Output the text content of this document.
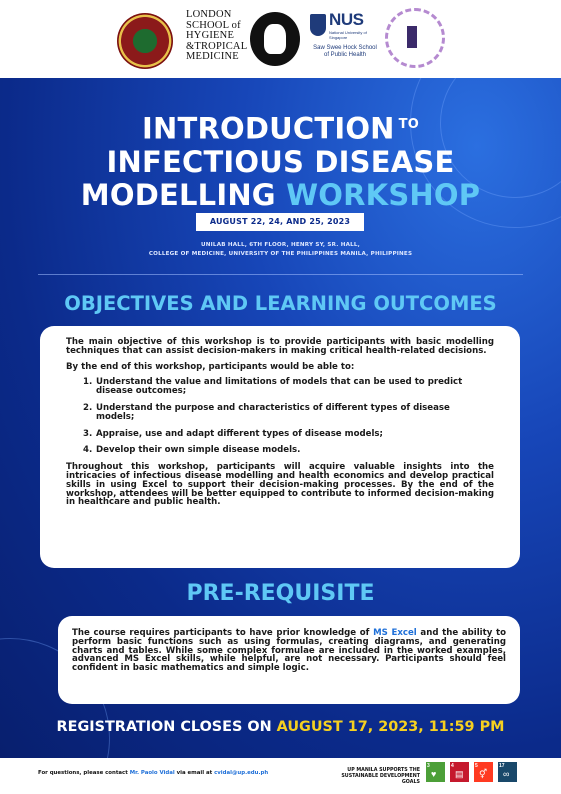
LONDON
SCHOOL of
HYGIENE
&TROPICAL
MEDICINE
NUS
National University of Singapore
Saw Swee Hock School of Public Health
INTRODUCTION $^{TO}$
INFECTIOUS DISEASE
MODELLING WORKSHOP
AUGUST 22, 24, AND 25, 2023
UNILAB HALL, 6TH FLOOR, HENRY SY, SR. HALL,
COLLEGE OF MEDICINE, UNIVERSITY OF THE PHILIPPINES MANILA, PHILIPPINES
OBJECTIVES AND LEARNING OUTCOMES

The main objective of this workshop is to provide participants with basic modelling techniques that can assist decision-makers in making critical health-related decisions.

By the end of this workshop, participants would be able to:

1. Understand the value and limitations of models that can be used to predict disease outcomes;
2. Understand the purpose and characteristics of different types of disease models;
3. Appraise, use and adapt different types of disease models;
4. Develop their own simple disease models.

Throughout this workshop, participants will acquire valuable insights into the intricacies of infectious disease modelling and health economics and develop practical skills in using Excel to support their decision-making processes. By the end of the workshop, attendees will be better equipped to contribute to informed decision-making in healthcare and public health.

PRE-REQUISITE
The course requires participants to have prior knowledge of MS Excel and the ability to perform basic functions such as using formulas, creating diagrams, and generating charts and tables. While some complex formulae are included in the worked examples, advanced MS Excel skills, while helpful, are not necessary. Participants should feel confident in basic mathematics and simple logic.
REGISTRATION CLOSES ON AUGUST 17, 2023, 11:59 PM
For questions, please contact Mr. Paolo Vidal via email at cvidal@up.edu.ph	UP MANILA SUPPORTS THE SUSTAINABLE DEVELOPMENT GOALS
3
♥
4
▤
5
⚥
17
∞
